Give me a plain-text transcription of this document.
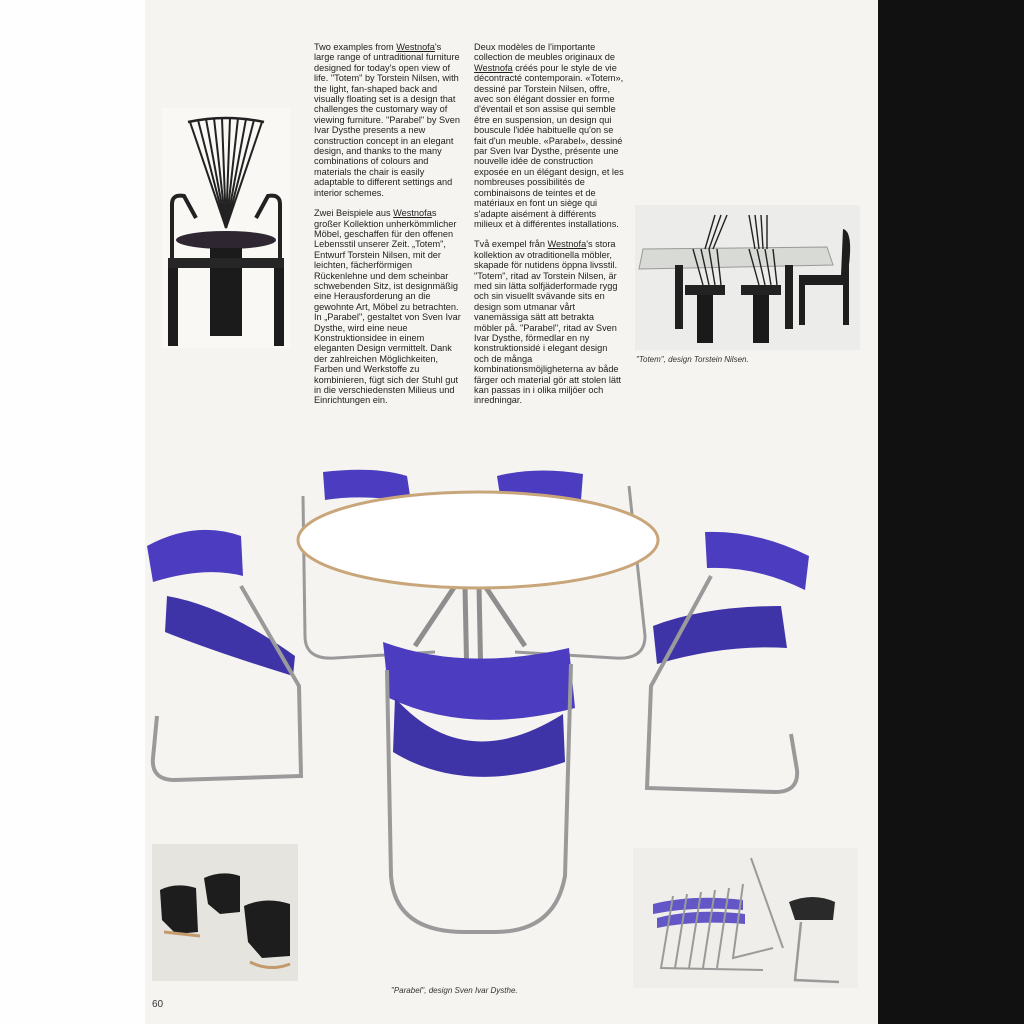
Two examples from Westnofa's large range of untraditional furniture designed for today's open view of life. "Totem" by Torstein Nilsen, with the light, fan-shaped back and visually floating set is a design that challenges the customary way of viewing furniture. "Parabel" by Sven Ivar Dysthe presents a new construction concept in an elegant design, and thanks to the many combinations of colours and materials the chair is easily adaptable to different settings and interior schemes.

Zwei Beispiele aus Westnofas großer Kollektion unherkömmlicher Möbel, geschaffen für den offenen Lebensstil unserer Zeit. „Totem", Entwurf Torstein Nilsen, mit der leichten, fächerförmigen Rückenlehne und dem scheinbar schwebenden Sitz, ist designmäßig eine Herausforderung an die gewohnte Art, Möbel zu betrachten. In „Parabel", gestaltet von Sven Ivar Dysthe, wird eine neue Konstruktionsidee in einem eleganten Design vermittelt. Dank der zahlreichen Möglichkeiten, Farben und Werkstoffe zu kombinieren, fügt sich der Stuhl gut in die verschiedensten Milieus und Einrichtungen ein.

Deux modèles de l'importante collection de meubles originaux de Westnofa créés pour le style de vie décontracté contemporain. «Totem», dessiné par Torstein Nilsen, offre, avec son élégant dossier en forme d'éventail et son assise qui semble être en suspension, un design qui bouscule l'idée habituelle qu'on se fait d'un meuble. «Parabel», dessiné par Sven Ivar Dysthe, présente une nouvelle idée de construction exposée en un élégant design, et les nombreuses possibilités de combinaisons de teintes et de matériaux en font un siège qui s'adapte aisément à différents milieux et à différentes installations.

Två exempel från Westnofa's stora kollektion av otraditionella möbler, skapade för nutidens öppna livsstil. "Totem", ritad av Torstein Nilsen, är med sin lätta solfjäderformade rygg och sin visuellt svävande sits en design som utmanar vårt vanemässiga sätt att betrakta möbler på. "Parabel", ritad av Sven Ivar Dysthe, förmedlar en ny konstruktionsidé i elegant design och de många kombinationsmöjligheterna av både färger och material gör att stolen lätt kan passas in i olika miljöer och inredningar.

"Totem", design Torstein Nilsen.
"Parabel", design Sven Ivar Dysthe.
60
